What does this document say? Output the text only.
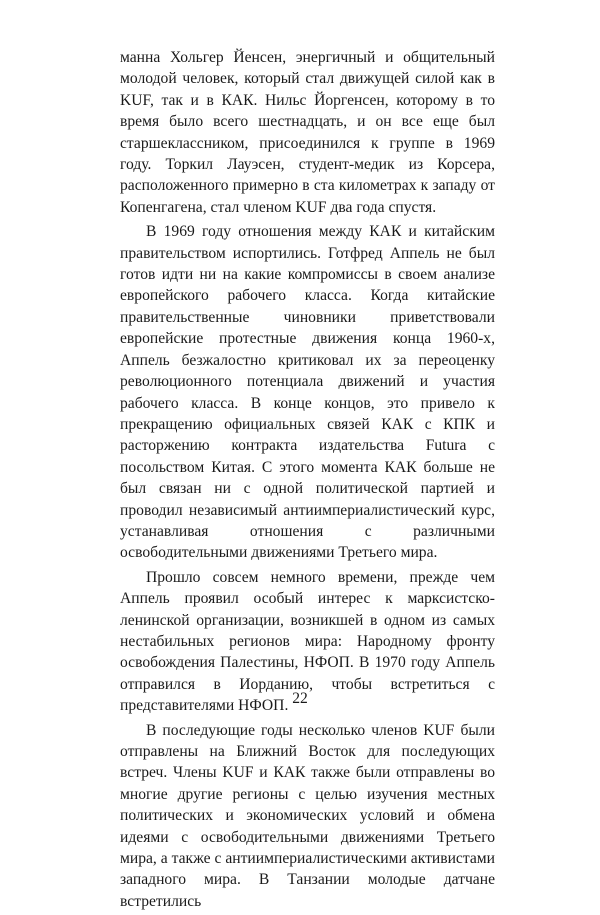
манна Хольгер Йенсен, энергичный и общительный молодой человек, который стал движущей силой как в KUF, так и в КАК. Нильс Йоргенсен, которому в то время было всего шестнадцать, и он все еще был старшеклассником, присоединился к группе в 1969 году. Торкил Лауэсен, студент-медик из Корсера, расположенного примерно в ста километрах к западу от Копенгагена, стал членом KUF два года спустя.

В 1969 году отношения между КАК и китайским правительством испортились. Готфред Аппель не был готов идти ни на какие компромиссы в своем анализе европейского рабочего класса. Когда китайские правительственные чиновники приветствовали европейские протестные движения конца 1960-х, Аппель безжалостно критиковал их за переоценку революционного потенциала движений и участия рабочего класса. В конце концов, это привело к прекращению официальных связей КАК с КПК и расторжению контракта издательства Futura с посольством Китая. С этого момента КАК больше не был связан ни с одной политической партией и проводил независимый антиимпериалистический курс, устанавливая отношения с различными освободительными движениями Третьего мира.

Прошло совсем немного времени, прежде чем Аппель проявил особый интерес к марксистско-ленинской организации, возникшей в одном из самых нестабильных регионов мира: Народному фронту освобождения Палестины, НФОП. В 1970 году Аппель отправился в Иорданию, чтобы встретиться с представителями НФОП.

В последующие годы несколько членов KUF были отправлены на Ближний Восток для последующих встреч. Члены KUF и КАК также были отправлены во многие другие регионы с целью изучения местных политических и экономических условий и обмена идеями с освободительными движениями Третьего мира, а также с антиимпериалистическими активистами западного мира. В Танзании молодые датчане встретились

22
